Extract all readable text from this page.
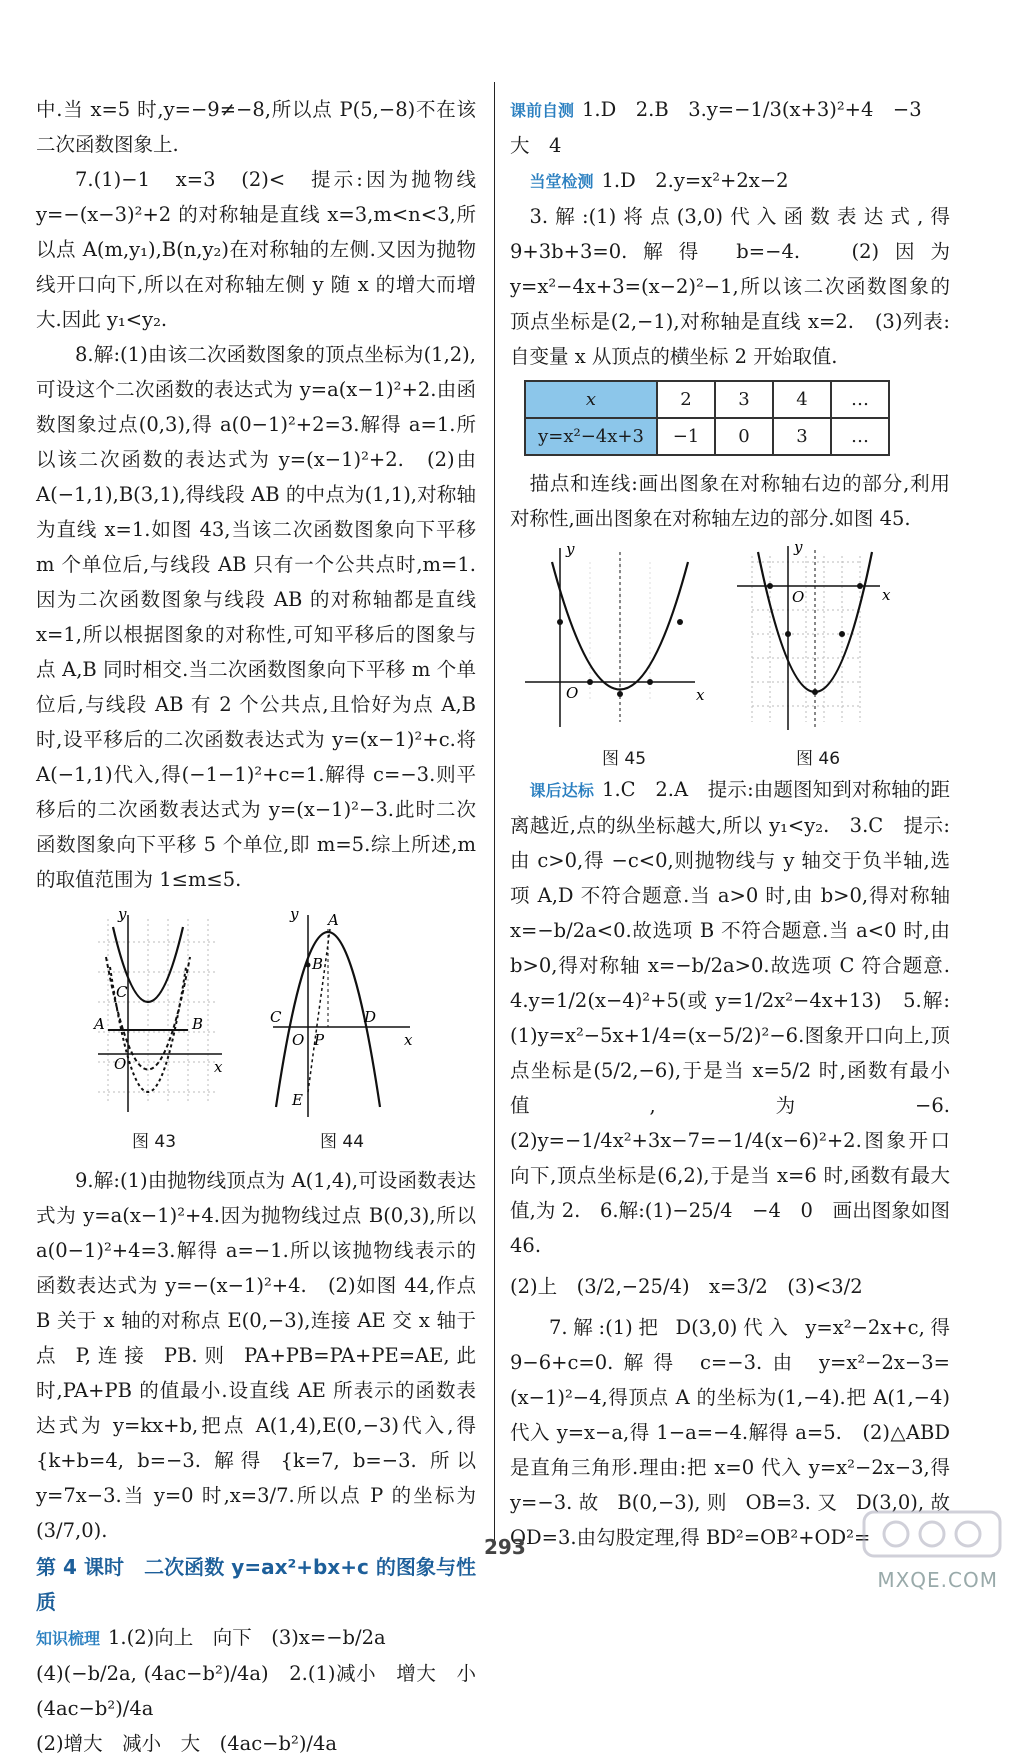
中.当 x=5 时,y=−9≠−8,所以点 P(5,−8)不在该二次函数图象上.

7.(1)−1　x=3　(2)<　提示:因为抛物线 y=−(x−3)²+2 的对称轴是直线 x=3,m<n<3,所以点 A(m,y₁),B(n,y₂)在对称轴的左侧.又因为抛物线开口向下,所以在对称轴左侧 y 随 x 的增大而增大.因此 y₁<y₂.

8.解:(1)由该二次函数图象的顶点坐标为(1,2),可设这个二次函数的表达式为 y=a(x−1)²+2.由函数图象过点(0,3),得 a(0−1)²+2=3.解得 a=1.所以该二次函数的表达式为 y=(x−1)²+2.　(2)由A(−1,1),B(3,1),得线段 AB 的中点为(1,1),对称轴为直线 x=1.如图 43,当该二次函数图象向下平移 m 个单位后,与线段 AB 只有一个公共点时,m=1.因为二次函数图象与线段 AB 的对称轴都是直线 x=1,所以根据图象的对称性,可知平移后的图象与点 A,B 同时相交.当二次函数图象向下平移 m 个单位后,与线段 AB 有 2 个公共点,且恰好为点 A,B 时,设平移后的二次函数表达式为 y=(x−1)²+c.将 A(−1,1)代入,得(−1−1)²+c=1.解得 c=−3.则平移后的二次函数表达式为 y=(x−1)²−3.此时二次函数图象向下平移 5 个单位,即 m=5.综上所述,m 的取值范围为 1≤m≤5.

y
x
O
A	B
C
图 43
y
x
A
B
C	D
O P
E
图 44

9.解:(1)由抛物线顶点为 A(1,4),可设函数表达式为 y=a(x−1)²+4.因为抛物线过点 B(0,3),所以 a(0−1)²+4=3.解得 a=−1.所以该抛物线表示的函数表达式为 y=−(x−1)²+4.　(2)如图 44,作点 B 关于 x 轴的对称点 E(0,−3),连接 AE 交 x 轴于点 P,连接 PB.则 PA+PB=PA+PE=AE,此时,PA+PB 的值最小.设直线 AE 所表示的函数表达式为 y=kx+b,把点 A(1,4),E(0,−3)代入,得 {k+b=4, b=−3. 解得 {k=7, b=−3. 所以 y=7x−3.当 y=0 时,x=3/7.所以点 P 的坐标为(3/7,0).

第 4 课时　二次函数 y=ax²+bx+c 的图象与性质

知识梳理 1.(2)向上　向下　(3)x=−b/2a

(4)(−b/2a, (4ac−b²)/4a)　2.(1)减小　增大　小　(4ac−b²)/4a

(2)增大　减小　大　(4ac−b²)/4a

课前自测 1.D　2.B　3.y=−1/3(x+3)²+4　−3

大　4

当堂检测 1.D　2.y=x²+2x−2

3.解:(1)将点(3,0)代入函数表达式,得 9+3b+3=0.解得 b=−4.　(2)因为 y=x²−4x+3=(x−2)²−1,所以该二次函数图象的顶点坐标是(2,−1),对称轴是直线 x=2.　(3)列表:自变量 x 从顶点的横坐标 2 开始取值.

x	2	3	4	…
y=x²−4x+3	−1	0	3	…

描点和连线:画出图象在对称轴右边的部分,利用对称性,画出图象在对称轴左边的部分.如图 45.

y
x
O
图 45
y
x
O
图 46

课后达标 1.C　2.A　提示:由题图知到对称轴的距离越近,点的纵坐标越大,所以 y₁<y₂.　3.C　提示:由 c>0,得 −c<0,则抛物线与 y 轴交于负半轴,选项 A,D 不符合题意.当 a>0 时,由 b>0,得对称轴 x=−b/2a<0.故选项 B 不符合题意.当 a<0 时,由 b>0,得对称轴 x=−b/2a>0.故选项 C 符合题意.　4.y=1/2(x−4)²+5(或 y=1/2x²−4x+13)　5.解:(1)y=x²−5x+1/4=(x−5/2)²−6.图象开口向上,顶点坐标是(5/2,−6),于是当 x=5/2 时,函数有最小值,为−6.　(2)y=−1/4x²+3x−7=−1/4(x−6)²+2.图象开口向下,顶点坐标是(6,2),于是当 x=6 时,函数有最大值,为 2.　6.解:(1)−25/4　−4　0　画出图象如图 46.

(2)上　(3/2,−25/4)　x=3/2　(3)<3/2

7.解:(1)把 D(3,0)代入 y=x²−2x+c,得 9−6+c=0.解得 c=−3.由 y=x²−2x−3=(x−1)²−4,得顶点 A 的坐标为(1,−4).把 A(1,−4)代入 y=x−a,得 1−a=−4.解得 a=5.　(2)△ABD 是直角三角形.理由:把 x=0 代入 y=x²−2x−3,得 y=−3.故 B(0,−3),则 OB=3.又 D(3,0),故 OD=3.由勾股定理,得 BD²=OB²+OD²=

293
MXQE.COM
